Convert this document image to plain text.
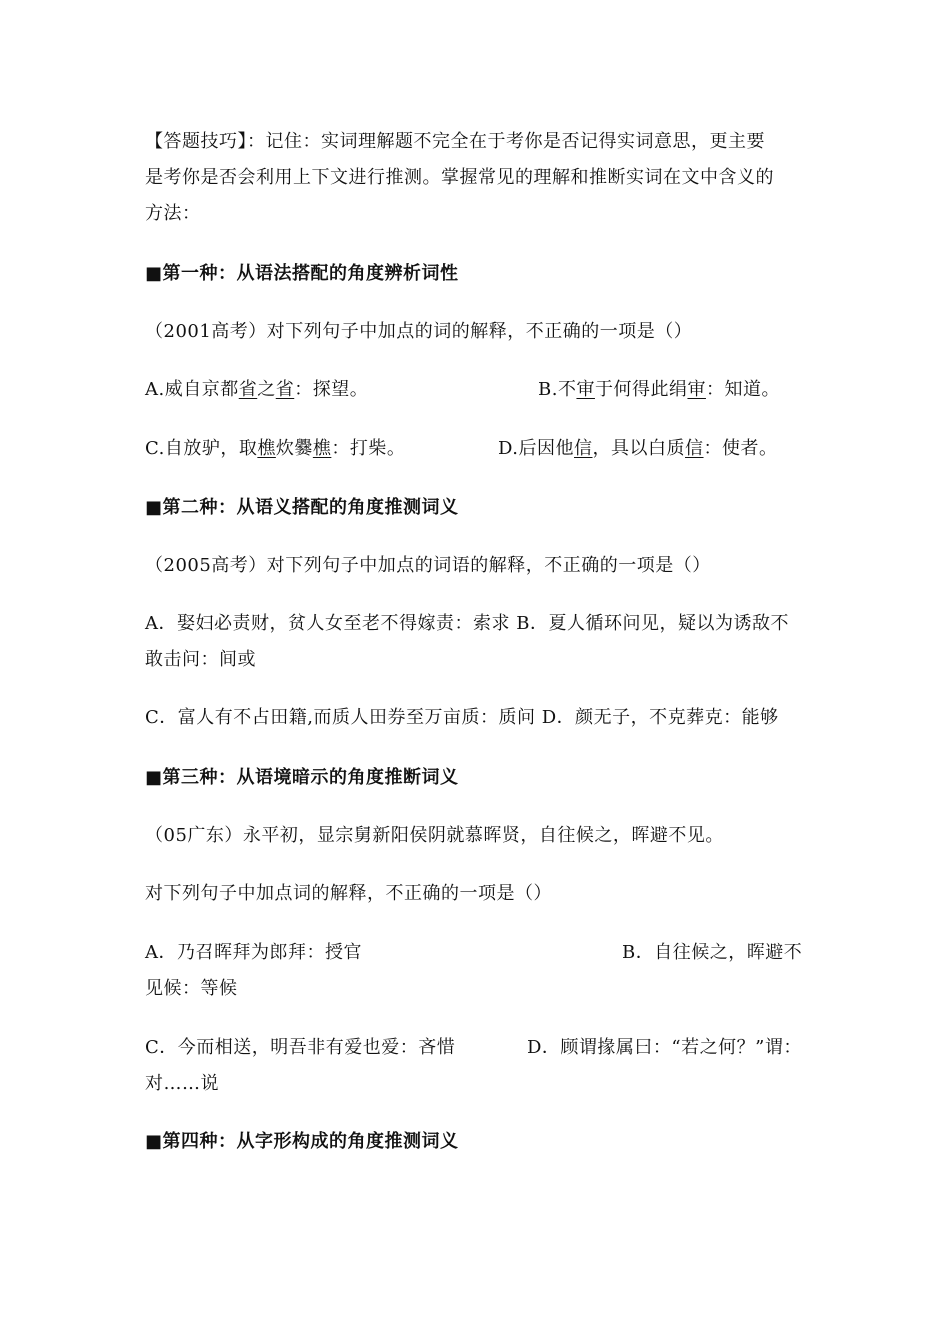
【答题技巧】：记住：实词理解题不完全在于考你是否记得实词意思，更主要
是考你是否会利用上下文进行推测。掌握常见的理解和推断实词在文中含义的
方法：
■第一种：从语法搭配的角度辨析词性
（2001高考）对下列句子中加点的词的解释，不正确的一项是（）
A.威自京都省之省：探望。	B.不审于何得此绢审：知道。
C.自放驴，取樵炊爨樵：打柴。	D.后因他信，具以白质信：使者。
■第二种：从语义搭配的角度推测词义
（2005高考）对下列句子中加点的词语的解释，不正确的一项是（）
A．娶妇必责财，贫人女至老不得嫁责：索求 B．夏人循环问见，疑以为诱敌不
敢击问：间或
C．富人有不占田籍,而质人田券至万亩质：质问 D．颜无子，不克葬克：能够
■第三种：从语境暗示的角度推断词义
（05广东）永平初，显宗舅新阳侯阴就慕晖贤，自往候之，晖避不见。
对下列句子中加点词的解释，不正确的一项是（）
A．乃召晖拜为郎拜：授官	B．自往候之，晖避不
见候：等候
C．今而相送，明吾非有爱也爱：吝惜	D．顾谓掾属曰：“若之何？”谓：
对……说
■第四种：从字形构成的角度推测词义
